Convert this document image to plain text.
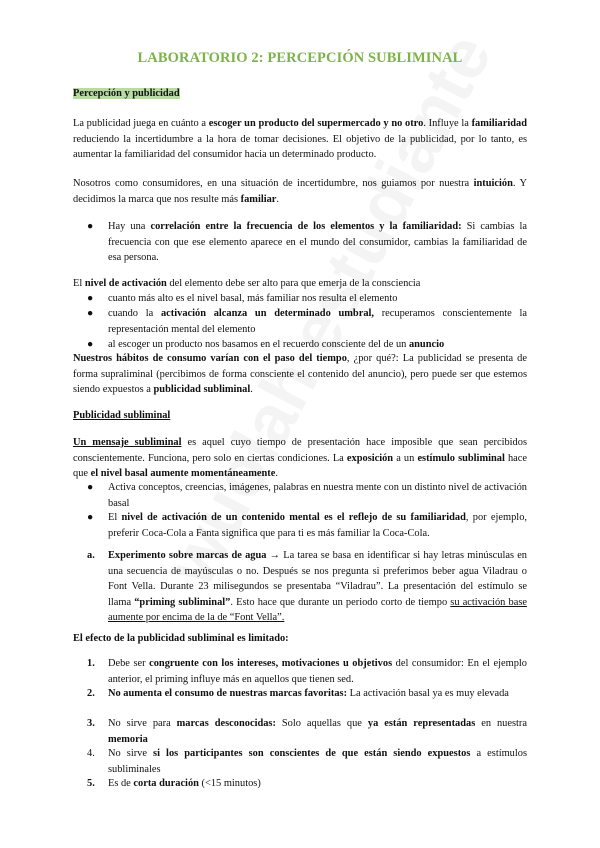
LABORATORIO 2: PERCEPCIÓN SUBLIMINAL
Percepción y publicidad
La publicidad juega en cuánto a escoger un producto del supermercado y no otro. Influye la familiaridad reduciendo la incertidumbre a la hora de tomar decisiones. El objetivo de la publicidad, por lo tanto, es aumentar la familiaridad del consumidor hacia un determinado producto.
Nosotros como consumidores, en una situación de incertidumbre, nos guiamos por nuestra intuición. Y decidimos la marca que nos resulte más familiar.
● Hay una correlación entre la frecuencia de los elementos y la familiaridad: Si cambias la frecuencia con que ese elemento aparece en el mundo del consumidor, cambias la familiaridad de esa persona.
El nivel de activación del elemento debe ser alto para que emerja de la consciencia
● cuanto más alto es el nivel basal, más familiar nos resulta el elemento
● cuando la activación alcanza un determinado umbral, recuperamos conscientemente la representación mental del elemento
● al escoger un producto nos basamos en el recuerdo consciente del de un anuncio
Nuestros hábitos de consumo varían con el paso del tiempo, ¿por qué?: La publicidad se presenta de forma supraliminal (percibimos de forma consciente el contenido del anuncio), pero puede ser que estemos siendo expuestos a publicidad subliminal.
Publicidad subliminal
Un mensaje subliminal es aquel cuyo tiempo de presentación hace imposible que sean percibidos conscientemente. Funciona, pero solo en ciertas condiciones. La exposición a un estímulo subliminal hace que el nivel basal aumente momentáneamente.
● Activa conceptos, creencias, imágenes, palabras en nuestra mente con un distinto nivel de activación basal
● El nivel de activación de un contenido mental es el reflejo de su familiaridad, por ejemplo, preferir Coca-Cola a Fanta significa que para ti es más familiar la Coca-Cola.
a. Experimento sobre marcas de agua → La tarea se basa en identificar si hay letras minúsculas en una secuencia de mayúsculas o no. Después se nos pregunta si preferimos beber agua Viladrau o Font Vella. Durante 23 milisegundos se presentaba “Viladrau”. La presentación del estímulo se llama “priming subliminal”. Esto hace que durante un periodo corto de tiempo su activación base aumente por encima de la de “Font Vella”.
El efecto de la publicidad subliminal es limitado:
1. Debe ser congruente con los intereses, motivaciones u objetivos del consumidor: En el ejemplo anterior, el priming influye más en aquellos que tienen sed.
2. No aumenta el consumo de nuestras marcas favoritas: La activación basal ya es muy elevada
3. No sirve para marcas desconocidas: Solo aquellas que ya están representadas en nuestra memoria
4. No sirve si los participantes son conscientes de que están siendo expuestos a estímulos subliminales
5. Es de corta duración (<15 minutos)
